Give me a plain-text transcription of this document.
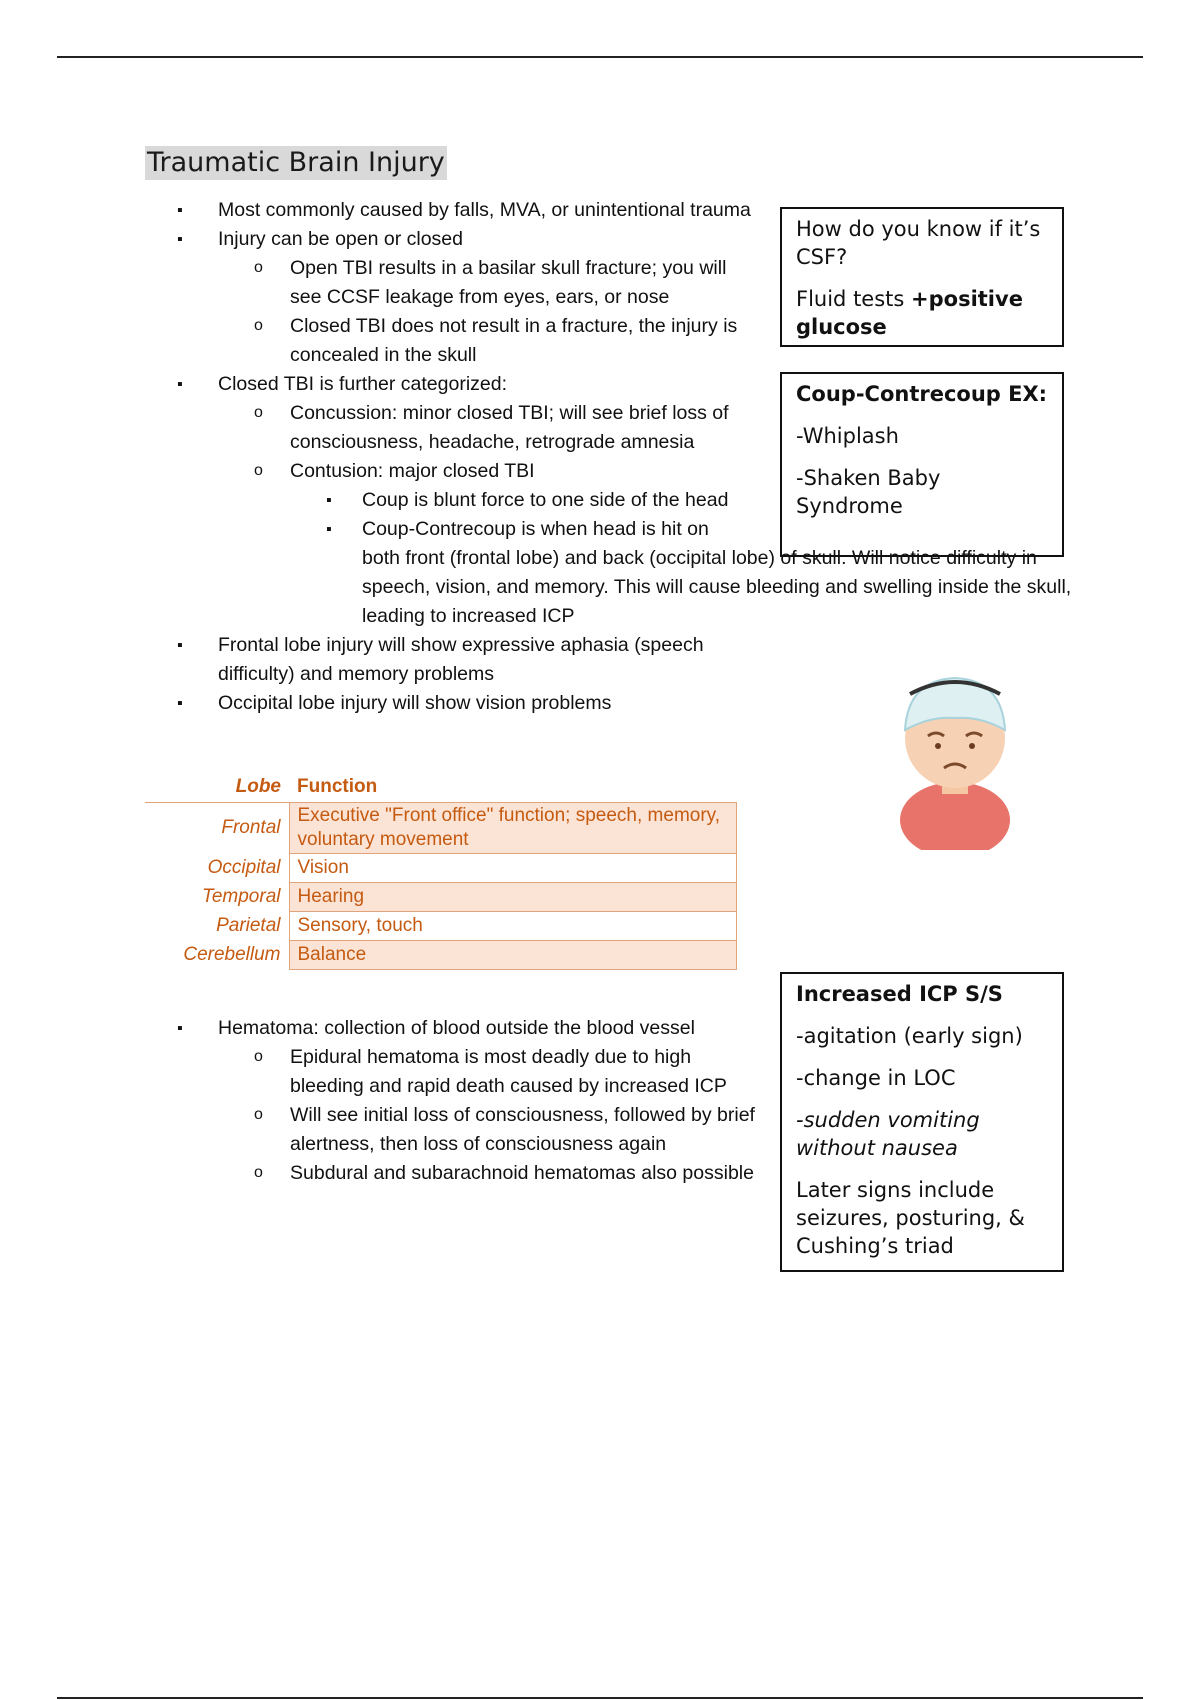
Traumatic Brain Injury
▪ Most commonly caused by falls, MVA, or unintentional trauma
▪ Injury can be open or closed
o Open TBI results in a basilar skull fracture; you will see CCSF leakage from eyes, ears, or nose
o Closed TBI does not result in a fracture, the injury is concealed in the skull
▪ Closed TBI is further categorized:
o Concussion: minor closed TBI; will see brief loss of consciousness, headache, retrograde amnesia
o Contusion: major closed TBI
▪ Coup is blunt force to one side of the head
▪ Coup-Contrecoup is when head is hit on
both front (frontal lobe) and back (occipital lobe) of skull. Will notice difficulty in speech, vision, and memory. This will cause bleeding and swelling inside the skull, leading to increased ICP
▪ Frontal lobe injury will show expressive aphasia (speech difficulty) and memory problems
▪ Occipital lobe injury will show vision problems

How do you know if it’s CSF?

Fluid tests +positive glucose

Coup-Contrecoup EX:

-Whiplash

-Shaken Baby Syndrome

Lobe	Function
Frontal	Executive "Front office" function; speech, memory, voluntary movement
Occipital	Vision
Temporal	Hearing
Parietal	Sensory, touch
Cerebellum	Balance

Increased ICP S/S

-agitation (early sign)

-change in LOC

-sudden vomiting without nausea

Later signs include seizures, posturing, & Cushing’s triad

▪ Hematoma: collection of blood outside the blood vessel
o Epidural hematoma is most deadly due to high bleeding and rapid death caused by increased ICP
o Will see initial loss of consciousness, followed by brief alertness, then loss of consciousness again
o Subdural and subarachnoid hematomas also possible
